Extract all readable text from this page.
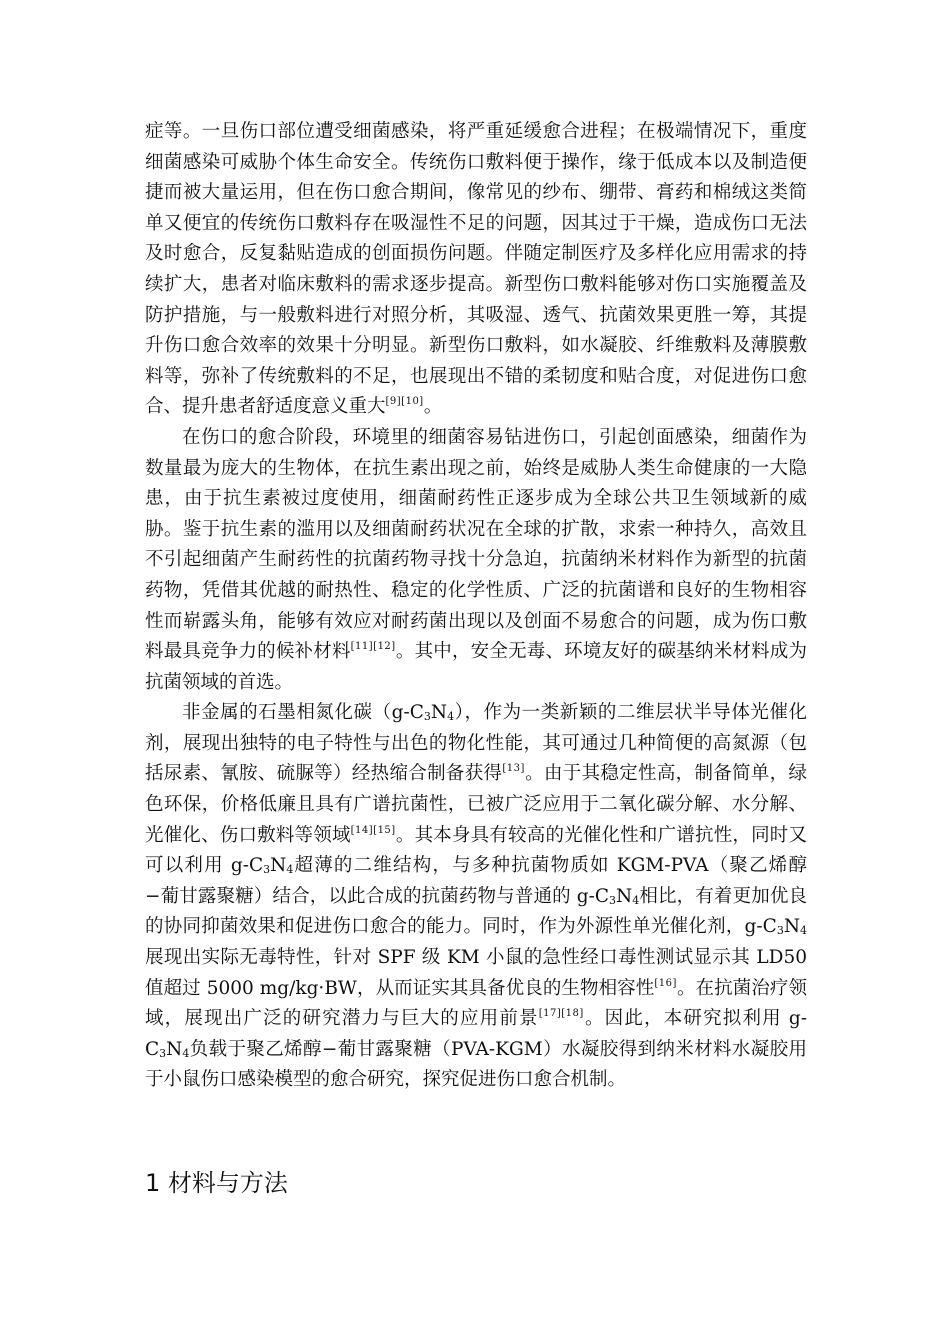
症等。一旦伤口部位遭受细菌感染，将严重延缓愈合进程；在极端情况下，重度细菌感染可威胁个体生命安全。传统伤口敷料便于操作，缘于低成本以及制造便捷而被大量运用，但在伤口愈合期间，像常见的纱布、绷带、膏药和棉绒这类简单又便宜的传统伤口敷料存在吸湿性不足的问题，因其过于干燥，造成伤口无法及时愈合，反复黏贴造成的创面损伤问题。伴随定制医疗及多样化应用需求的持续扩大，患者对临床敷料的需求逐步提高。新型伤口敷料能够对伤口实施覆盖及防护措施，与一般敷料进行对照分析，其吸湿、透气、抗菌效果更胜一筹，其提升伤口愈合效率的效果十分明显。新型伤口敷料，如水凝胶、纤维敷料及薄膜敷料等，弥补了传统敷料的不足，也展现出不错的柔韧度和贴合度，对促进伤口愈合、提升患者舒适度意义重大[9][10]。

在伤口的愈合阶段，环境里的细菌容易钻进伤口，引起创面感染，细菌作为数量最为庞大的生物体，在抗生素出现之前，始终是威胁人类生命健康的一大隐患，由于抗生素被过度使用，细菌耐药性正逐步成为全球公共卫生领域新的威胁。鉴于抗生素的滥用以及细菌耐药状况在全球的扩散，求索一种持久，高效且不引起细菌产生耐药性的抗菌药物寻找十分急迫，抗菌纳米材料作为新型的抗菌药物，凭借其优越的耐热性、稳定的化学性质、广泛的抗菌谱和良好的生物相容性而崭露头角，能够有效应对耐药菌出现以及创面不易愈合的问题，成为伤口敷料最具竞争力的候补材料[11][12]。其中，安全无毒、环境友好的碳基纳米材料成为抗菌领域的首选。

非金属的石墨相氮化碳（g-C3N4），作为一类新颖的二维层状半导体光催化剂，展现出独特的电子特性与出色的物化性能，其可通过几种简便的高氮源（包括尿素、氰胺、硫脲等）经热缩合制备获得[13]。由于其稳定性高，制备简单，绿色环保，价格低廉且具有广谱抗菌性，已被广泛应用于二氧化碳分解、水分解、光催化、伤口敷料等领域[14][15]。其本身具有较高的光催化性和广谱抗性，同时又可以利用 g-C3N4超薄的二维结构，与多种抗菌物质如 KGM-PVA（聚乙烯醇−葡甘露聚糖）结合，以此合成的抗菌药物与普通的 g-C3N4相比，有着更加优良的协同抑菌效果和促进伤口愈合的能力。同时，作为外源性单光催化剂，g-C3N4展现出实际无毒特性，针对 SPF 级 KM 小鼠的急性经口毒性测试显示其 LD50 值超过 5000 mg/kg·BW，从而证实其具备优良的生物相容性[16]。在抗菌治疗领域，展现出广泛的研究潜力与巨大的应用前景[17][18]。因此，本研究拟利用 g-C3N4负载于聚乙烯醇−葡甘露聚糖（PVA-KGM）水凝胶得到纳米材料水凝胶用于小鼠伤口感染模型的愈合研究，探究促进伤口愈合机制。

1 材料与方法
